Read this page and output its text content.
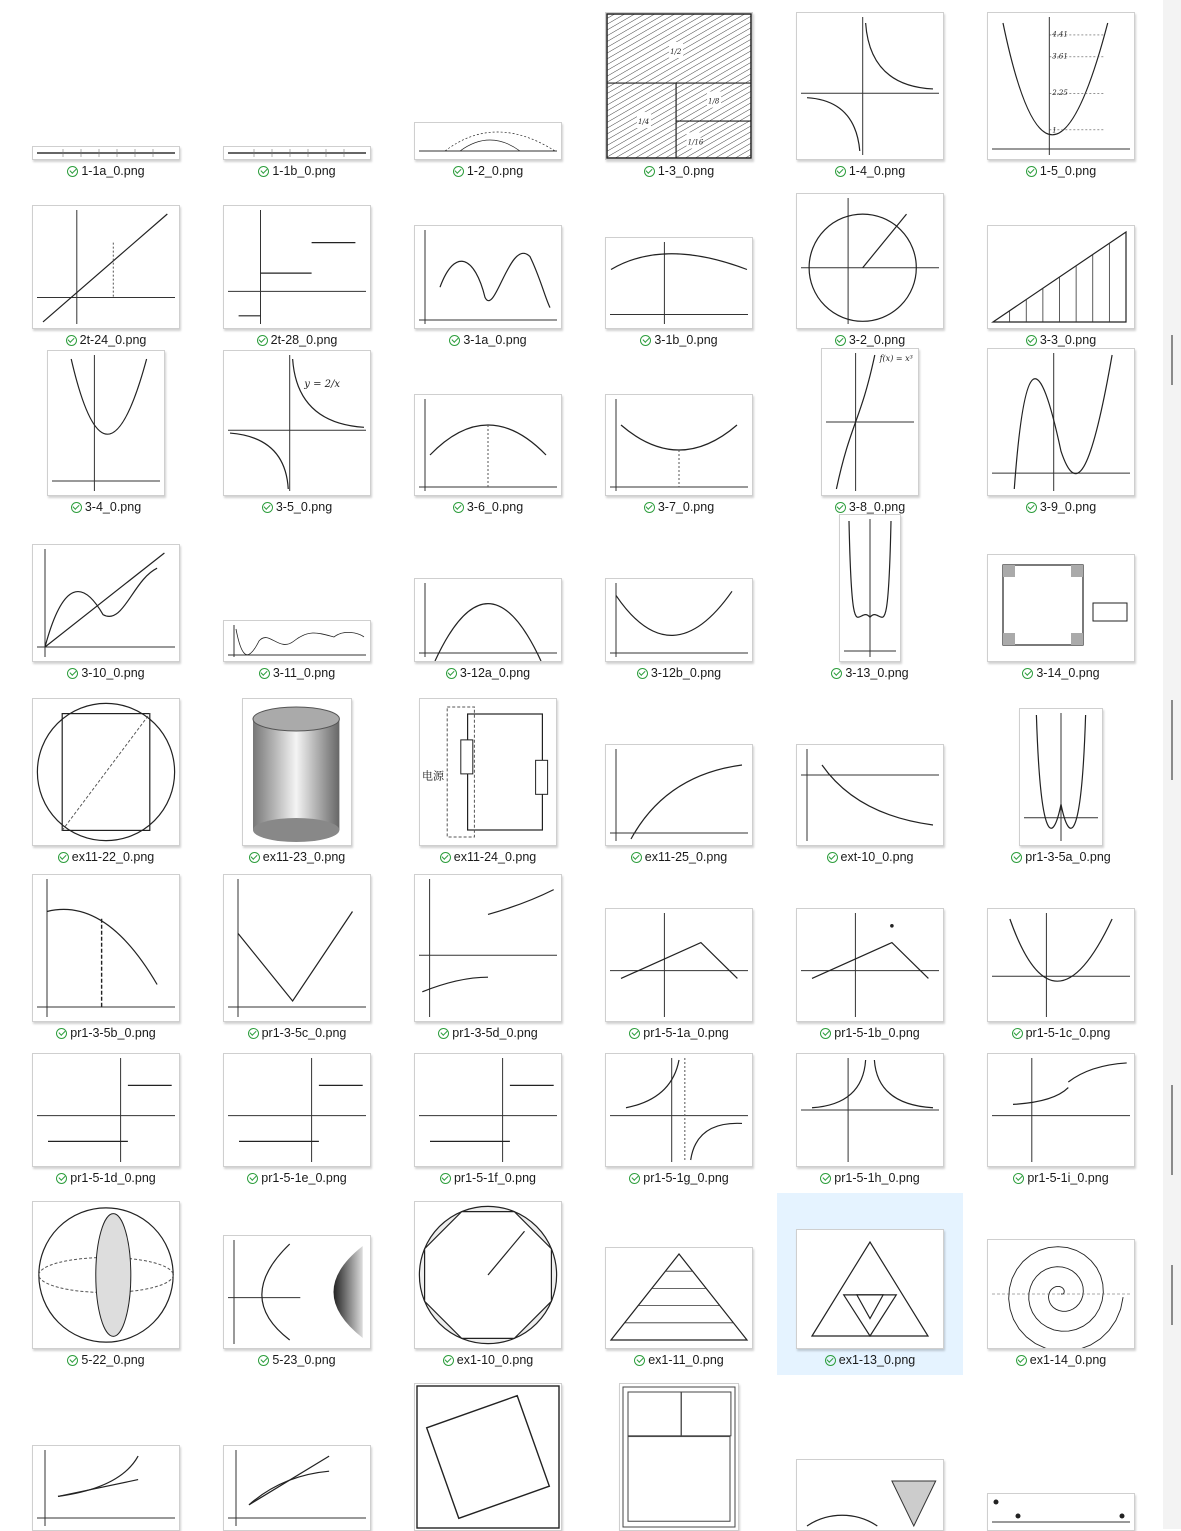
1-1a_0.png	1-1b_0.png	1-2_0.png
1/2
1/4
1/8
1/16
1-3_0.png	1-4_0.png
4.41
3.61
2.25
1
1-5_0.png
2t-24_0.png	2t-28_0.png	3-1a_0.png	3-1b_0.png	3-2_0.png	3-3_0.png
3-4_0.png
y = 2/x
3-5_0.png	3-6_0.png	3-7_0.png
f(x) = x³
3-8_0.png	3-9_0.png
3-10_0.png	3-11_0.png	3-12a_0.png	3-12b_0.png	3-13_0.png	3-14_0.png
ex11-22_0.png	ex11-23_0.png
电源
ex11-24_0.png	ex11-25_0.png	ext-10_0.png	pr1-3-5a_0.png
pr1-3-5b_0.png	pr1-3-5c_0.png	pr1-3-5d_0.png	pr1-5-1a_0.png	pr1-5-1b_0.png	pr1-5-1c_0.png
pr1-5-1d_0.png	pr1-5-1e_0.png	pr1-5-1f_0.png	pr1-5-1g_0.png	pr1-5-1h_0.png	pr1-5-1i_0.png
5-22_0.png	5-23_0.png	ex1-10_0.png	ex1-11_0.png	ex1-13_0.png	ex1-14_0.png
